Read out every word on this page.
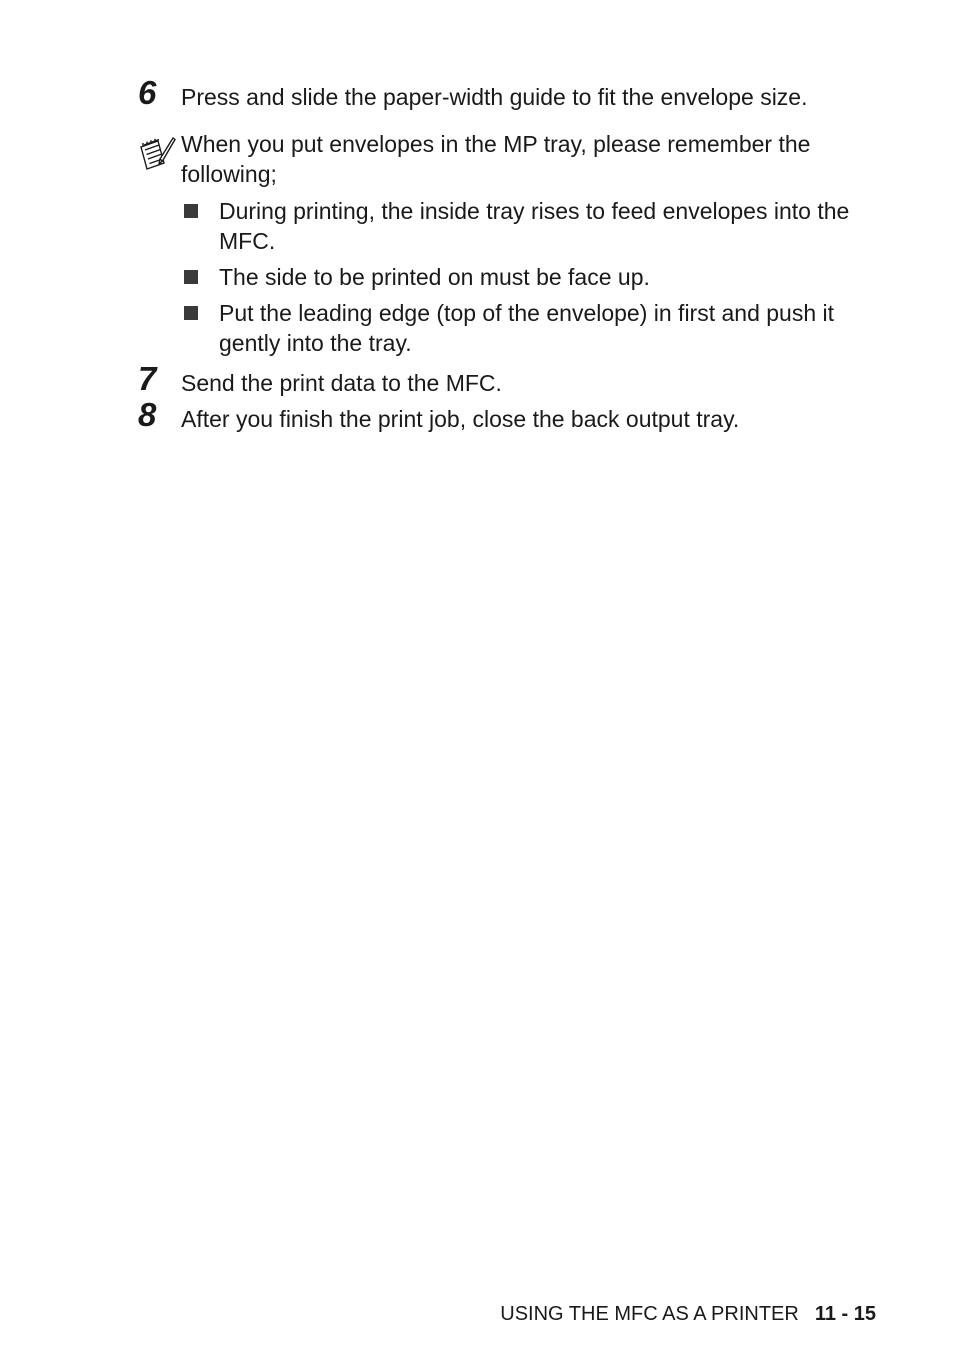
6 Press and slide the paper-width guide to fit the envelope size.
When you put envelopes in the MP tray, please remember the following;
During printing, the inside tray rises to feed envelopes into the MFC.
The side to be printed on must be face up.
Put the leading edge (top of the envelope) in first and push it gently into the tray.
7 Send the print data to the MFC.
8 After you finish the print job, close the back output tray.
USING THE MFC AS A PRINTER 11 - 15
